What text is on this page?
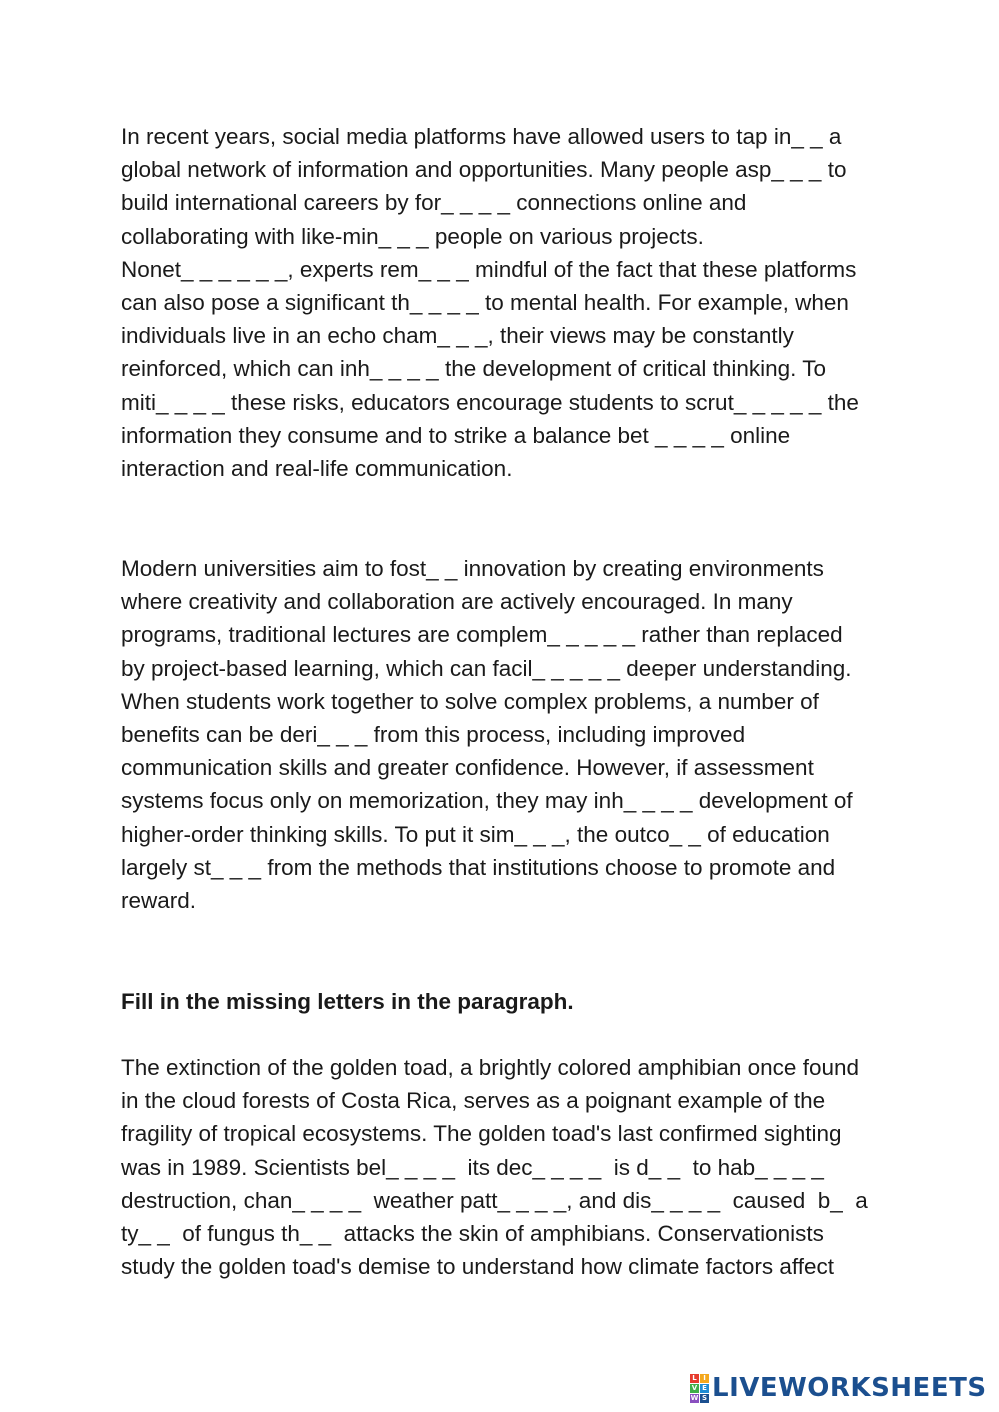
In recent years, social media platforms have allowed users to tap in_ _ a
global network of information and opportunities. Many people asp_ _ _ to
build international careers by for_ _ _ _ connections online and
collaborating with like-min_ _ _ people on various projects.
Nonet_ _ _ _ _ _, experts rem_ _ _ mindful of the fact that these platforms
can also pose a significant th_ _ _ _ to mental health. For example, when
individuals live in an echo cham_ _ _, their views may be constantly
reinforced, which can inh_ _ _ _ the development of critical thinking. To
miti_ _ _ _ these risks, educators encourage students to scrut_ _ _ _ _ the
information they consume and to strike a balance bet _ _ _ _ online
interaction and real-life communication.
Modern universities aim to fost_ _ innovation by creating environments
where creativity and collaboration are actively encouraged. In many
programs, traditional lectures are complem_ _ _ _ _ rather than replaced
by project-based learning, which can facil_ _ _ _ _ deeper understanding.
When students work together to solve complex problems, a number of
benefits can be deri_ _ _ from this process, including improved
communication skills and greater confidence. However, if assessment
systems focus only on memorization, they may inh_ _ _ _ development of
higher-order thinking skills. To put it sim_ _ _, the outco_ _ of education
largely st_ _ _ from the methods that institutions choose to promote and
reward.

Fill in the missing letters in the paragraph.

The extinction of the golden toad, a brightly colored amphibian once found
in the cloud forests of Costa Rica, serves as a poignant example of the
fragility of tropical ecosystems. The golden toad's last confirmed sighting
was in 1989. Scientists bel_ _ _ _  its dec_ _ _ _  is d_ _  to hab_ _ _ _
destruction, chan_ _ _ _  weather patt_ _ _ _, and dis_ _ _ _  caused  b_  a
ty_ _  of fungus th_ _  attacks the skin of amphibians. Conservationists
study the golden toad's demise to understand how climate factors affect
L I
V E
W S LIVEWORKSHEETS
